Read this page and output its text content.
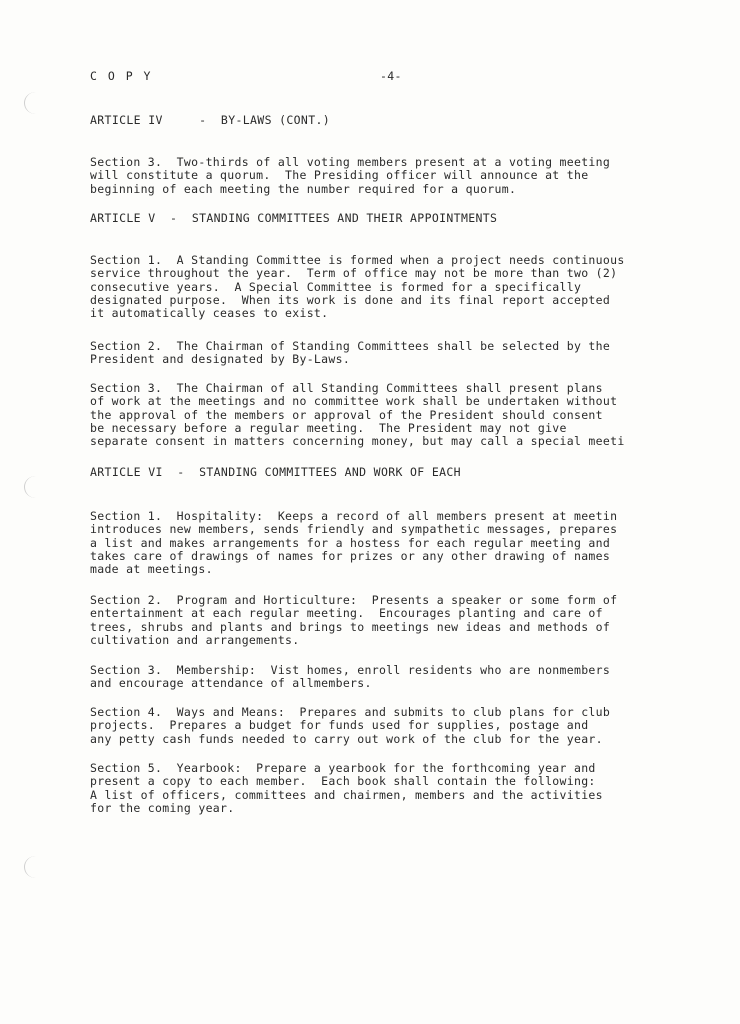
C O P Y	-4-
ARTICLE IV     -  BY-LAWS (CONT.)
Section 3.  Two-thirds of all voting members present at a voting meeting
will constitute a quorum.  The Presiding officer will announce at the
beginning of each meeting the number required for a quorum.
ARTICLE V  -  STANDING COMMITTEES AND THEIR APPOINTMENTS
Section 1.  A Standing Committee is formed when a project needs continuous
service throughout the year.  Term of office may not be more than two (2)
consecutive years.  A Special Committee is formed for a specifically
designated purpose.  When its work is done and its final report accepted
it automatically ceases to exist.
Section 2.  The Chairman of Standing Committees shall be selected by the
President and designated by By-Laws.
Section 3.  The Chairman of all Standing Committees shall present plans
of work at the meetings and no committee work shall be undertaken without
the approval of the members or approval of the President should consent
be necessary before a regular meeting.  The President may not give
separate consent in matters concerning money, but may call a special meeti
ARTICLE VI  -  STANDING COMMITTEES AND WORK OF EACH
Section 1.  Hospitality:  Keeps a record of all members present at meetin
introduces new members, sends friendly and sympathetic messages, prepares
a list and makes arrangements for a hostess for each regular meeting and
takes care of drawings of names for prizes or any other drawing of names
made at meetings.
Section 2.  Program and Horticulture:  Presents a speaker or some form of
entertainment at each regular meeting.  Encourages planting and care of
trees, shrubs and plants and brings to meetings new ideas and methods of
cultivation and arrangements.
Section 3.  Membership:  Vist homes, enroll residents who are nonmembers
and encourage attendance of allmembers.
Section 4.  Ways and Means:  Prepares and submits to club plans for club
projects.  Prepares a budget for funds used for supplies, postage and
any petty cash funds needed to carry out work of the club for the year.
Section 5.  Yearbook:  Prepare a yearbook for the forthcoming year and
present a copy to each member.  Each book shall contain the following:
A list of officers, committees and chairmen, members and the activities
for the coming year.
